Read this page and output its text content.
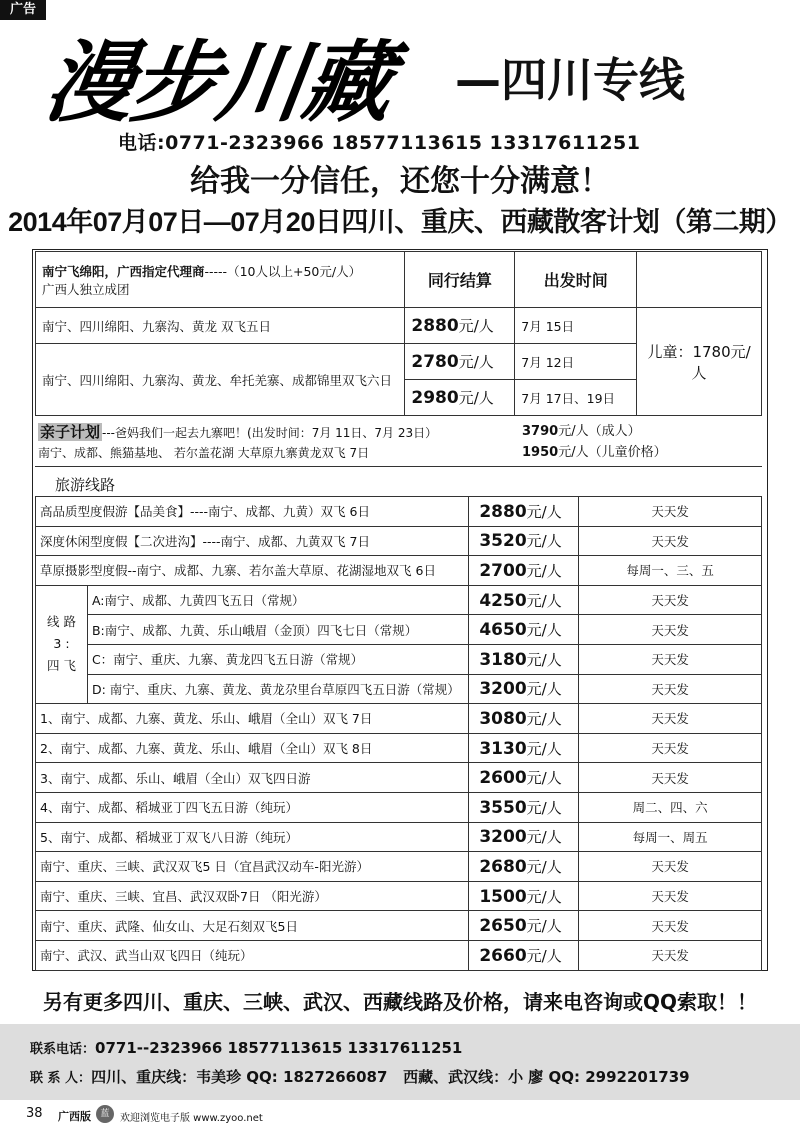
广告
漫步川藏 —四川专线
电话:0771-2323966 18577113615 13317611251
给我一分信任，还您十分满意！
2014年07月07日—07月20日四川、重庆、西藏散客计划（第二期）
南宁飞绵阳，广西指定代理商-----（10人以上+50元/人）
广西人独立成团	同行结算	出发时间	
南宁、四川绵阳、九寨沟、黄龙 双飞五日	2880元/人	7月 15日	儿童：1780元/人
南宁、四川绵阳、九寨沟、黄龙、牟托羌寨、成都锦里双飞六日	2780元/人	7月 12日	
	2980元/人	7月 17日、19日	
亲子计划 ---爸妈我们一起去九寨吧！(出发时间：7月 11日、7月 23日）
南宁、成都、熊猫基地、 若尔盖花湖 大草原九寨黄龙双飞 7日
3790元/人（成人）
1950元/人（儿童价格）
旅游线路
高品质型度假游【品美食】----南宁、成都、九黄）双飞 6日		2880元/人	天天发
深度休闲型度假【二次进沟】----南宁、成都、九黄双飞 7日		3520元/人	天天发
草原摄影型度假--南宁、成都、九寨、若尔盖大草原、花湖湿地双飞 6日		2700元/人	每周一、三、五
线 路
3 :
四 飞	A:南宁、成都、九黄四飞五日（常规）	4250元/人	天天发
	B:南宁、成都、九黄、乐山峨眉（金顶）四飞七日（常规）	4650元/人	天天发
	C：南宁、重庆、九寨、黄龙四飞五日游（常规）	3180元/人	天天发
	D: 南宁、重庆、九寨、黄龙、黄龙尕里台草原四飞五日游（常规）	3200元/人	天天发
1、南宁、成都、九寨、黄龙、乐山、峨眉（全山）双飞 7日		3080元/人	天天发
2、南宁、成都、九寨、黄龙、乐山、峨眉（全山）双飞 8日		3130元/人	天天发
3、南宁、成都、乐山、峨眉（全山）双飞四日游		2600元/人	天天发
4、南宁、成都、稻城亚丁四飞五日游（纯玩）		3550元/人	周二、四、六
5、南宁、成都、稻城亚丁双飞八日游（纯玩）		3200元/人	每周一、周五
南宁、重庆、三峡、武汉双飞5 日（宜昌武汉动车-阳光游）		2680元/人	天天发
南宁、重庆、三峡、宜昌、武汉双卧7日 （阳光游）		1500元/人	天天发
南宁、重庆、武隆、仙女山、大足石刻双飞5日		2650元/人	天天发
南宁、武汉、武当山双飞四日（纯玩）		2660元/人	天天发
另有更多四川、重庆、三峡、武汉、西藏线路及价格，请来电咨询或QQ索取！！
联系电话：0771--2323966 18577113615 13317611251
联 系 人：四川、重庆线：韦美珍 QQ: 1827266087 西藏、武汉线：小 廖 QQ: 2992201739
38 广西版	蓝	欢迎浏览电子版 www.zyoo.net
